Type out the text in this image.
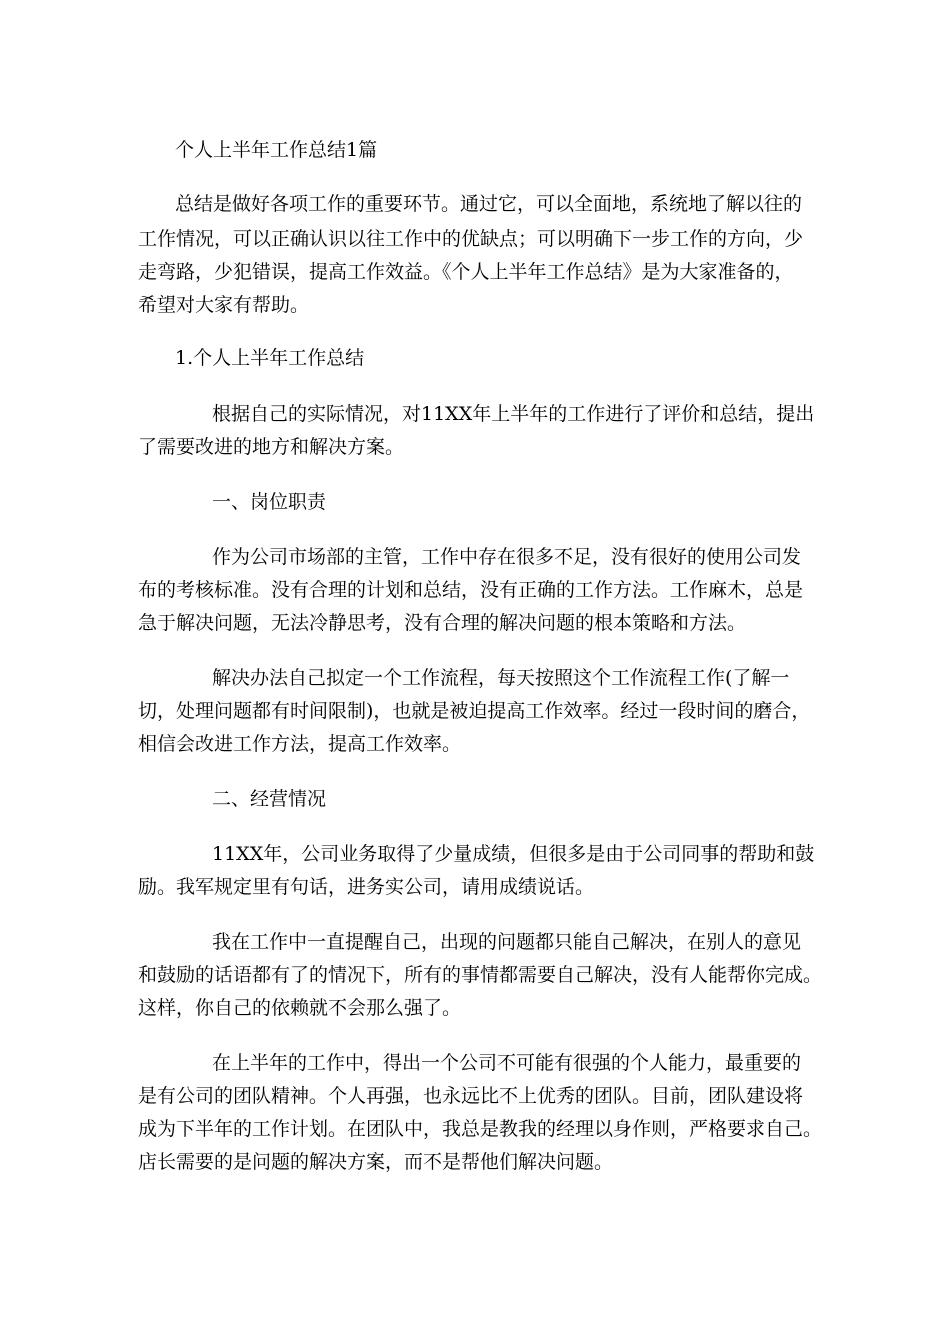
个人上半年工作总结1篇
总结是做好各项工作的重要环节。通过它，可以全面地，系统地了解以往的
工作情况，可以正确认识以往工作中的优缺点；可以明确下一步工作的方向，少
走弯路，少犯错误，提高工作效益。《个人上半年工作总结》是为大家准备的，
希望对大家有帮助。
1.个人上半年工作总结
根据自己的实际情况，对11XX年上半年的工作进行了评价和总结，提出
了需要改进的地方和解决方案。
一、岗位职责
作为公司市场部的主管，工作中存在很多不足，没有很好的使用公司发
布的考核标准。没有合理的计划和总结，没有正确的工作方法。工作麻木，总是
急于解决问题，无法冷静思考，没有合理的解决问题的根本策略和方法。
解决办法自己拟定一个工作流程，每天按照这个工作流程工作(了解一
切，处理问题都有时间限制)，也就是被迫提高工作效率。经过一段时间的磨合，
相信会改进工作方法，提高工作效率。
二、经营情况
11XX年，公司业务取得了少量成绩，但很多是由于公司同事的帮助和鼓
励。我军规定里有句话，进务实公司，请用成绩说话。
我在工作中一直提醒自己，出现的问题都只能自己解决，在别人的意见
和鼓励的话语都有了的情况下，所有的事情都需要自己解决，没有人能帮你完成。
这样，你自己的依赖就不会那么强了。
在上半年的工作中，得出一个公司不可能有很强的个人能力，最重要的
是有公司的团队精神。个人再强，也永远比不上优秀的团队。目前，团队建设将
成为下半年的工作计划。在团队中，我总是教我的经理以身作则，严格要求自己。
店长需要的是问题的解决方案，而不是帮他们解决问题。
